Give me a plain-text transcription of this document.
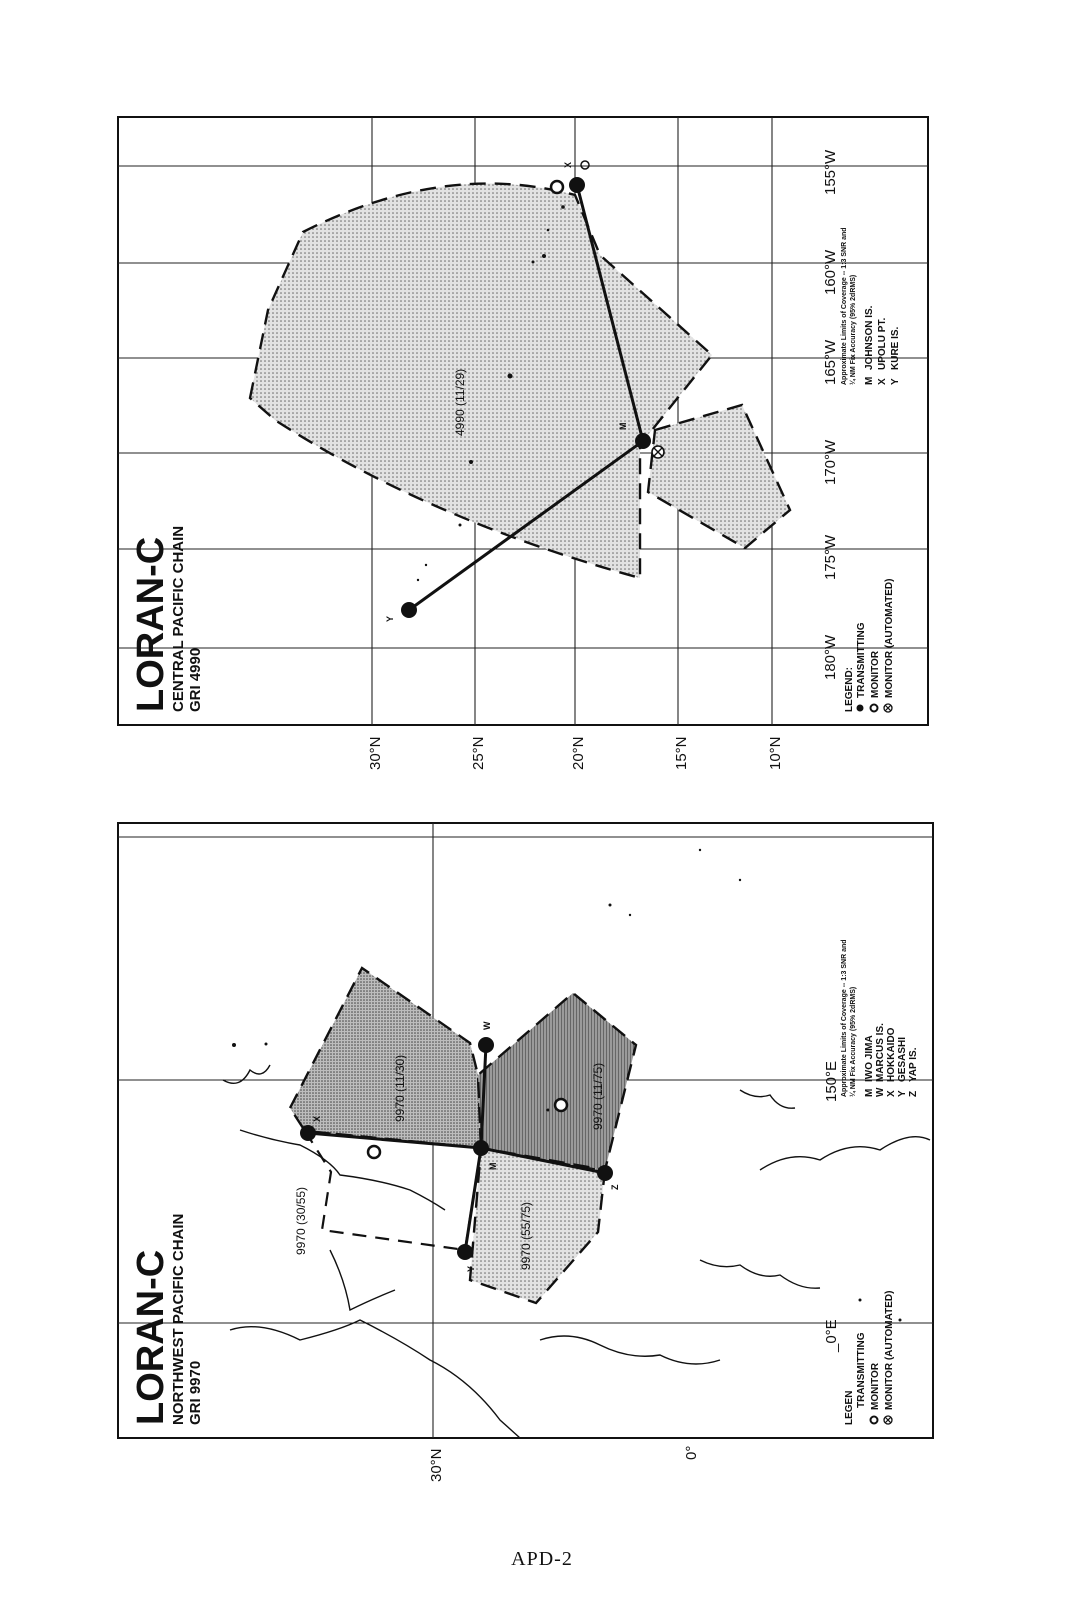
M
X
Y
4990 (11/29)
LORAN-C
CENTRAL PACIFIC CHAIN GRI 4990
30°N	25°N	20°N	15°N	10°N
180°W
175°W
170°W
165°W
160°W
155°W
LEGEND: TRANSMITTING MONITOR MONITOR (AUTOMATED)
Approximate Limits of Coverage -- 1:3 SNR and ¼ NM Fix Accuracy (95% 2dRMS) M
JOHNSON IS.
X
UPOLU PT.
Y
KURE IS.
X
W
M
Y
Z
9970 (11/30)
9970 (30/55)	9970 (55/75)
9970 (11/75)
LORAN-C
NORTHWEST PACIFIC CHAIN GRI 9970
30°N	0°
_0°E
150°E
LEGEN TRANSMITTING MONITOR MONITOR (AUTOMATED)
Approximate Limits of Coverage -- 1:3 SNR and ¼ NM Fix Accuracy (95% 2dRMS) M
IWO JIMA
W
MARCUS IS.
X
HOKKAIDO
Y
GESASHI
Z
YAP IS.
APD-2
